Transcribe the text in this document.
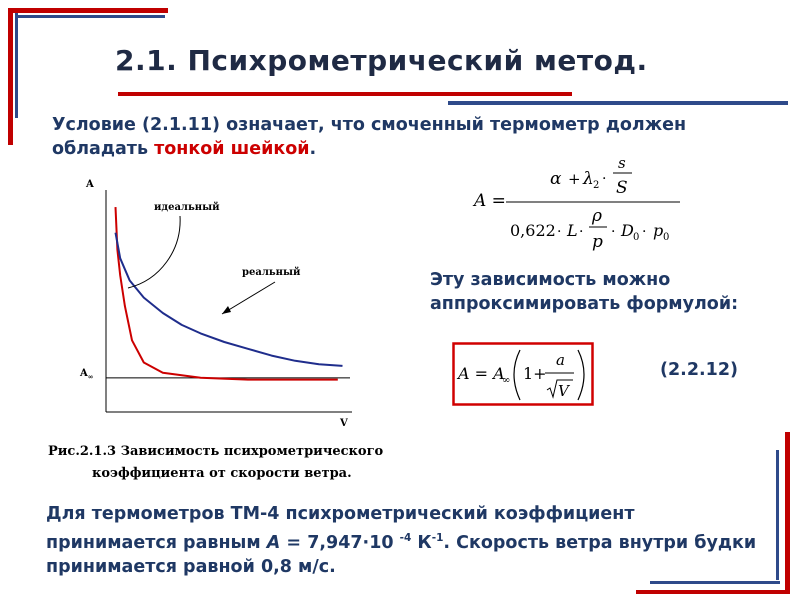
2.1. Психрометрический метод.
Условие (2.1.11) означает, что смоченный термометр должен обладать тонкой шейкой.
A =
α + λ 2 ·
s
S
0,622 · L ·
ρ
p · D 0 · p 0
Эту зависимость можно аппроксимировать формулой:
A = A
∞ 1+
a
V
(2.2.12)
A
V
$A_\infty$
идеальный
реальный
Рис.2.1.3 Зависимость психрометрического
коэффициента от скорости ветра.
Для термометров ТМ-4 психрометрический коэффициент принимается равным A = 7,947·10 $^{-4}$ $К^{-1}$. Скорость ветра внутри будки принимается равной 0,8 м/с.
